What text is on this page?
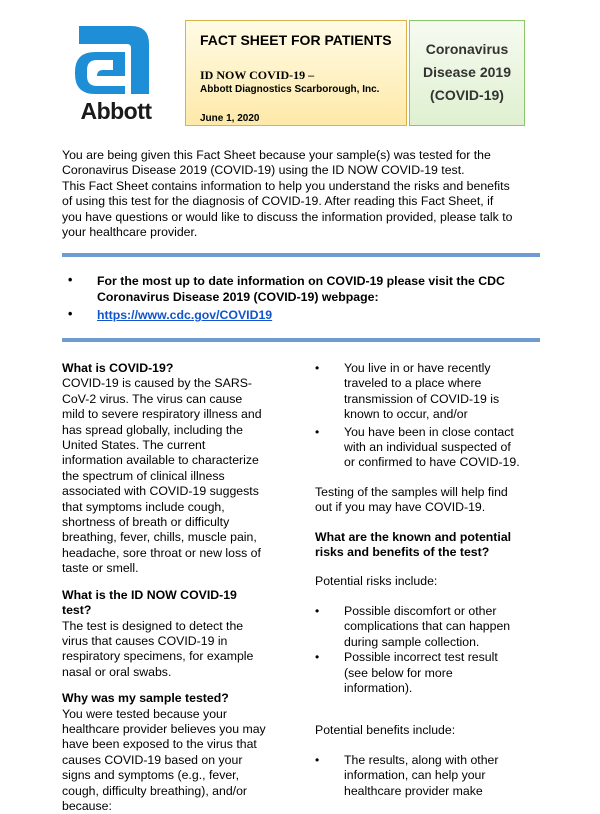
Abbott
FACT SHEET FOR PATIENTS
ID NOW COVID-19 –
Abbott Diagnostics Scarborough, Inc.
June 1, 2020
Coronavirus
Disease 2019
(COVID-19)
You are being given this Fact Sheet because your sample(s) was tested for the
Coronavirus Disease 2019 (COVID-19) using the ID NOW COVID-19 test.
This Fact Sheet contains information to help you understand the risks and benefits
of using this test for the diagnosis of COVID-19. After reading this Fact Sheet, if
you have questions or would like to discuss the information provided, please talk to
your healthcare provider.
• For the most up to date information on COVID-19 please visit the CDC
Coronavirus Disease 2019 (COVID-19) webpage:
• https://www.cdc.gov/COVID19
What is COVID-19?
COVID-19 is caused by the SARS-
CoV-2 virus. The virus can cause
mild to severe respiratory illness and
has spread globally, including the
United States. The current
information available to characterize
the spectrum of clinical illness
associated with COVID-19 suggests
that symptoms include cough,
shortness of breath or difficulty
breathing, fever, chills, muscle pain,
headache, sore throat or new loss of
taste or smell.
What is the ID NOW COVID-19
test?
The test is designed to detect the
virus that causes COVID-19 in
respiratory specimens, for example
nasal or oral swabs.
Why was my sample tested?
You were tested because your
healthcare provider believes you may
have been exposed to the virus that
causes COVID-19 based on your
signs and symptoms (e.g., fever,
cough, difficulty breathing), and/or
because:
• You live in or have recently
traveled to a place where
transmission of COVID-19 is
known to occur, and/or
• You have been in close contact
with an individual suspected of
or confirmed to have COVID-19.
Testing of the samples will help find
out if you may have COVID-19.
What are the known and potential
risks and benefits of the test?
Potential risks include:
• Possible discomfort or other
complications that can happen
during sample collection.
• Possible incorrect test result
(see below for more
information).
Potential benefits include:
• The results, along with other
information, can help your
healthcare provider make
